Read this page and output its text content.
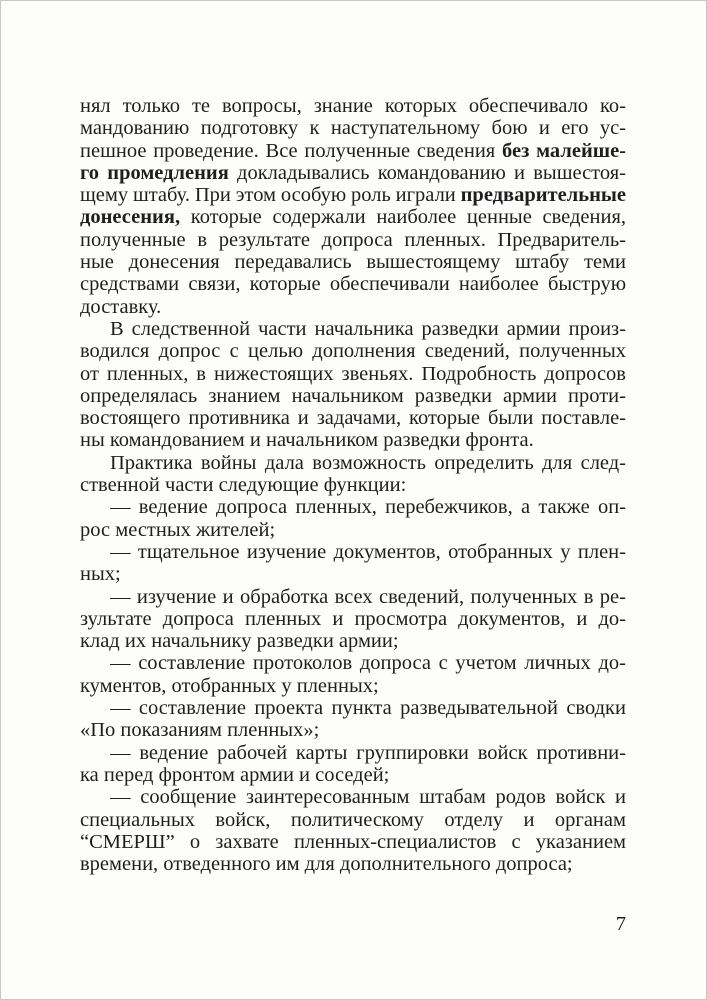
нял только те вопросы, знание которых обеспечивало ко-
мандованию подготовку к наступательному бою и его ус-
пешное проведение. Все полученные сведения без малейше-
го промедления докладывались командованию и вышестоя-
щему штабу. При этом особую роль играли предварительные
донесения, которые содержали наиболее ценные сведения,
полученные в результате допроса пленных. Предваритель-
ные донесения передавались вышестоящему штабу теми
средствами связи, которые обеспечивали наиболее быструю
доставку.
В следственной части начальника разведки армии произ-
водился допрос с целью дополнения сведений, полученных
от пленных, в нижестоящих звеньях. Подробность допросов
определялась знанием начальником разведки армии проти-
востоящего противника и задачами, которые были поставле-
ны командованием и начальником разведки фронта.
Практика войны дала возможность определить для след-
ственной части следующие функции:
— ведение допроса пленных, перебежчиков, а также оп-
рос местных жителей;
— тщательное изучение документов, отобранных у плен-
ных;
— изучение и обработка всех сведений, полученных в ре-
зультате допроса пленных и просмотра документов, и до-
клад их начальнику разведки армии;
— составление протоколов допроса с учетом личных до-
кументов, отобранных у пленных;
— составление проекта пункта разведывательной сводки
«По показаниям пленных»;
— ведение рабочей карты группировки войск противни-
ка перед фронтом армии и соседей;
— сообщение заинтересованным штабам родов войск и
специальных войск, политическому отделу и органам
“СМЕРШ” о захвате пленных-специалистов с указанием
времени, отведенного им для дополнительного допроса;
7
